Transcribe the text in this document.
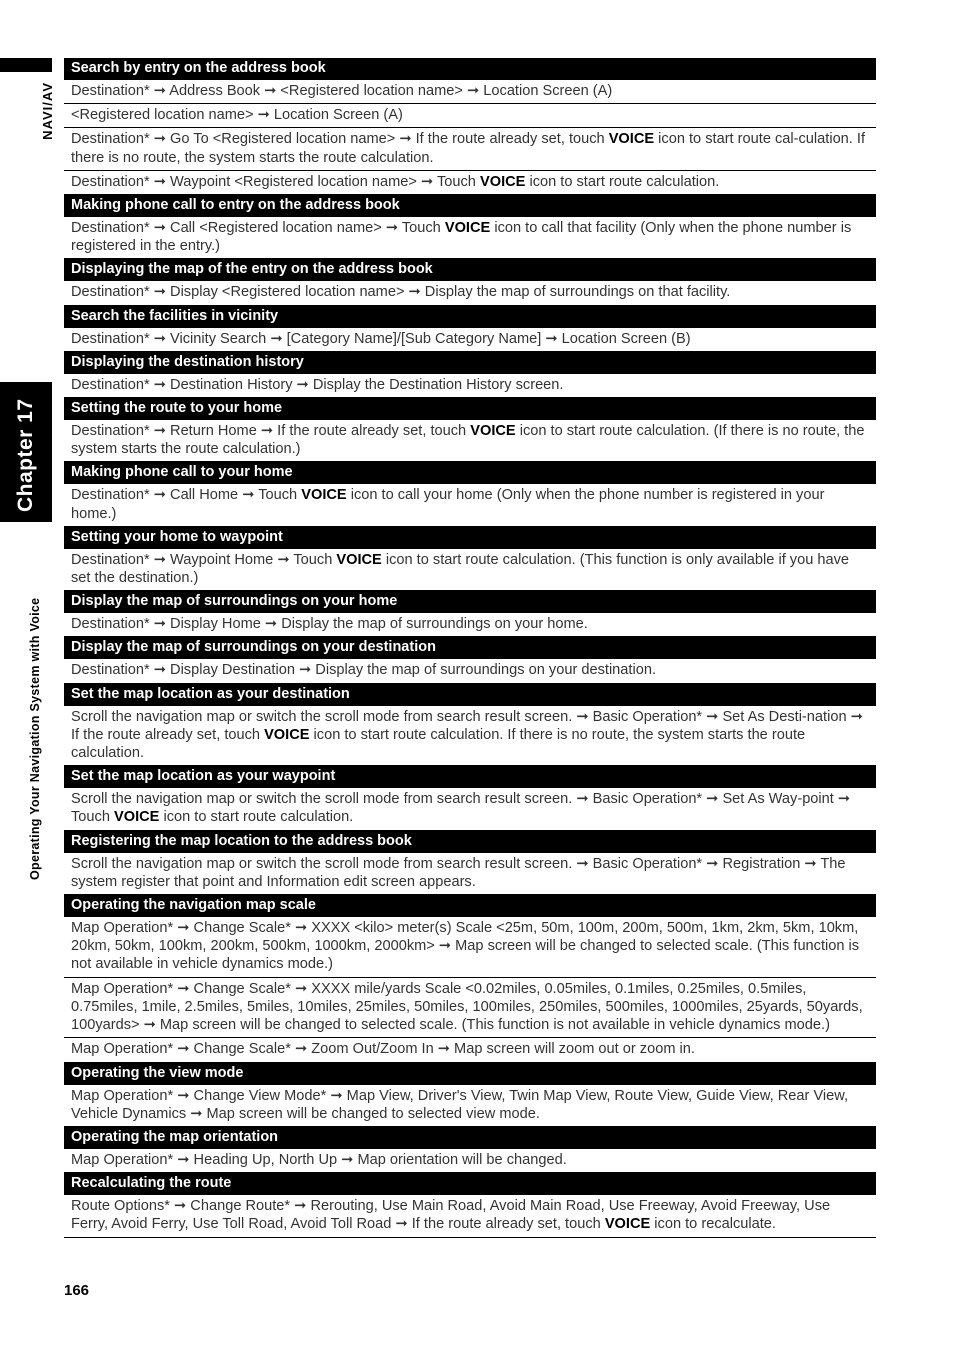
NAVI/AV
Chapter 17
Operating Your Navigation System with Voice
Search by entry on the address book
Destination* ➞ Address Book ➞ <Registered location name> ➞ Location Screen (A)
<Registered location name> ➞ Location Screen (A)
Destination* ➞ Go To <Registered location name> ➞ If the route already set, touch VOICE icon to start route cal-culation. If there is no route, the system starts the route calculation.
Destination* ➞ Waypoint <Registered location name> ➞ Touch VOICE icon to start route calculation.
Making phone call to entry on the address book
Destination* ➞ Call <Registered location name> ➞ Touch VOICE icon to call that facility (Only when the phone number is registered in the entry.)
Displaying the map of the entry on the address book
Destination* ➞ Display <Registered location name> ➞ Display the map of surroundings on that facility.
Search the facilities in vicinity
Destination* ➞ Vicinity Search ➞ [Category Name]/[Sub Category Name] ➞ Location Screen (B)
Displaying the destination history
Destination* ➞ Destination History ➞ Display the Destination History screen.
Setting the route to your home
Destination* ➞ Return Home ➞ If the route already set, touch VOICE icon to start route calculation. (If there is no route, the system starts the route calculation.)
Making phone call to your home
Destination* ➞ Call Home ➞ Touch VOICE icon to call your home (Only when the phone number is registered in your home.)
Setting your home to waypoint
Destination* ➞ Waypoint Home ➞ Touch VOICE icon to start route calculation. (This function is only available if you have set the destination.)
Display the map of surroundings on your home
Destination* ➞ Display Home ➞ Display the map of surroundings on your home.
Display the map of surroundings on your destination
Destination* ➞ Display Destination ➞ Display the map of surroundings on your destination.
Set the map location as your destination
Scroll the navigation map or switch the scroll mode from search result screen. ➞ Basic Operation* ➞ Set As Desti-nation ➞ If the route already set, touch VOICE icon to start route calculation. If there is no route, the system starts the route calculation.
Set the map location as your waypoint
Scroll the navigation map or switch the scroll mode from search result screen. ➞ Basic Operation* ➞ Set As Way-point ➞ Touch VOICE icon to start route calculation.
Registering the map location to the address book
Scroll the navigation map or switch the scroll mode from search result screen. ➞ Basic Operation* ➞ Registration ➞ The system register that point and Information edit screen appears.
Operating the navigation map scale
Map Operation* ➞ Change Scale* ➞ XXXX <kilo> meter(s) Scale <25m, 50m, 100m, 200m, 500m, 1km, 2km, 5km, 10km, 20km, 50km, 100km, 200km, 500km, 1000km, 2000km> ➞ Map screen will be changed to selected scale. (This function is not available in vehicle dynamics mode.)
Map Operation* ➞ Change Scale* ➞ XXXX mile/yards Scale <0.02miles, 0.05miles, 0.1miles, 0.25miles, 0.5miles, 0.75miles, 1mile, 2.5miles, 5miles, 10miles, 25miles, 50miles, 100miles, 250miles, 500miles, 1000miles, 25yards, 50yards, 100yards> ➞ Map screen will be changed to selected scale. (This function is not available in vehicle dynamics mode.)
Map Operation* ➞ Change Scale* ➞ Zoom Out/Zoom In ➞ Map screen will zoom out or zoom in.
Operating the view mode
Map Operation* ➞ Change View Mode* ➞ Map View, Driver's View, Twin Map View, Route View, Guide View, Rear View, Vehicle Dynamics ➞ Map screen will be changed to selected view mode.
Operating the map orientation
Map Operation* ➞ Heading Up, North Up ➞ Map orientation will be changed.
Recalculating the route
Route Options* ➞ Change Route* ➞ Rerouting, Use Main Road, Avoid Main Road, Use Freeway, Avoid Freeway, Use Ferry, Avoid Ferry, Use Toll Road, Avoid Toll Road ➞ If the route already set, touch VOICE icon to recalculate.
166
